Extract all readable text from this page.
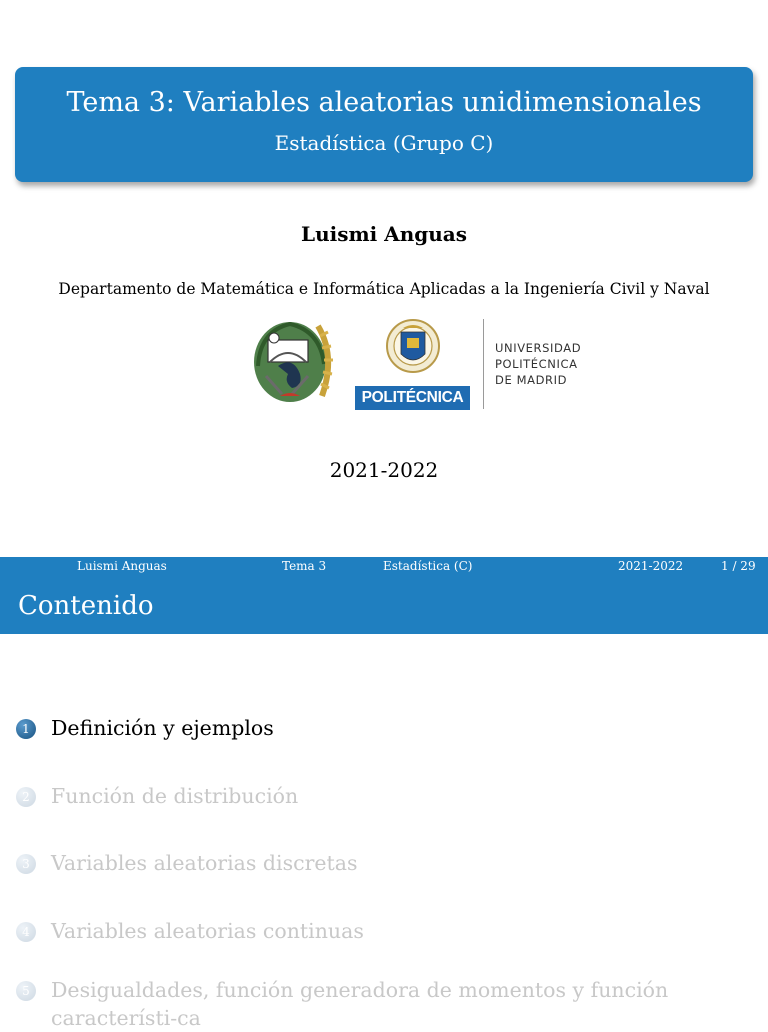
Tema 3: Variables aleatorias unidimensionales
Estadística (Grupo C)
Luismi Anguas
Departamento de Matemática e Informática Aplicadas a la Ingeniería Civil y Naval
POLITÉCNICA
UNIVERSIDAD
POLITÉCNICA
DE MADRID
2021-2022
Luismi Anguas	Tema 3	Estadística (C)	2021-2022	1 / 29
Contenido
1	Definición y ejemplos
2	Función de distribución
3	Variables aleatorias discretas
4	Variables aleatorias continuas
5	Desigualdades, función generadora de momentos y función característi-ca
